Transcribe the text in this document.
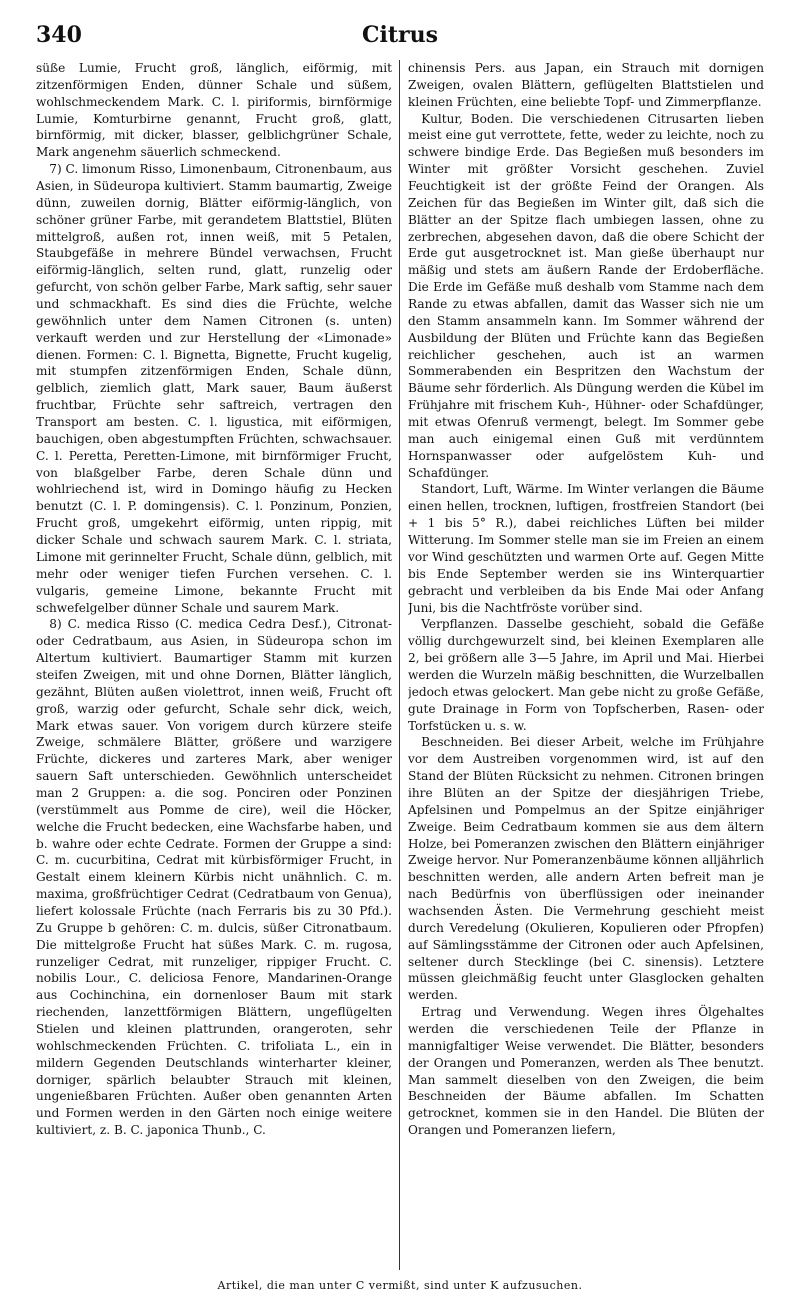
340	Citrus

süße Lumie, Frucht groß, länglich, eiförmig, mit zitzenförmigen Enden, dünner Schale und süßem, wohlschmeckendem Mark. C. l. piriformis, birnförmige Lumie, Komturbirne genannt, Frucht groß, glatt, birnförmig, mit dicker, blasser, gelblichgrüner Schale, Mark angenehm säuerlich schmeckend.

7) C. limonum Risso, Limonenbaum, Citronenbaum, aus Asien, in Südeuropa kultiviert. Stamm baumartig, Zweige dünn, zuweilen dornig, Blätter eiförmig-länglich, von schöner grüner Farbe, mit gerandetem Blattstiel, Blüten mittelgroß, außen rot, innen weiß, mit 5 Petalen, Staubgefäße in mehrere Bündel verwachsen, Frucht eiförmig-länglich, selten rund, glatt, runzelig oder gefurcht, von schön gelber Farbe, Mark saftig, sehr sauer und schmackhaft. Es sind dies die Früchte, welche gewöhnlich unter dem Namen Citronen (s. unten) verkauft werden und zur Herstellung der «Limonade» dienen. Formen: C. l. Bignetta, Bignette, Frucht kugelig, mit stumpfen zitzenförmigen Enden, Schale dünn, gelblich, ziemlich glatt, Mark sauer, Baum äußerst fruchtbar, Früchte sehr saftreich, vertragen den Transport am besten. C. l. ligustica, mit eiförmigen, bauchigen, oben abgestumpften Früchten, schwachsauer. C. l. Peretta, Peretten-Limone, mit birnförmiger Frucht, von blaßgelber Farbe, deren Schale dünn und wohlriechend ist, wird in Domingo häufig zu Hecken benutzt (C. l. P. domingensis). C. l. Ponzinum, Ponzien, Frucht groß, umgekehrt eiförmig, unten rippig, mit dicker Schale und schwach saurem Mark. C. l. striata, Limone mit gerinnelter Frucht, Schale dünn, gelblich, mit mehr oder weniger tiefen Furchen versehen. C. l. vulgaris, gemeine Limone, bekannte Frucht mit schwefelgelber dünner Schale und saurem Mark.

8) C. medica Risso (C. medica Cedra Desf.), Citronat- oder Cedratbaum, aus Asien, in Südeuropa schon im Altertum kultiviert. Baumartiger Stamm mit kurzen steifen Zweigen, mit und ohne Dornen, Blätter länglich, gezähnt, Blüten außen violettrot, innen weiß, Frucht oft groß, warzig oder gefurcht, Schale sehr dick, weich, Mark etwas sauer. Von vorigem durch kürzere steife Zweige, schmälere Blätter, größere und warzigere Früchte, dickeres und zarteres Mark, aber weniger sauern Saft unterschieden. Gewöhnlich unterscheidet man 2 Gruppen: a. die sog. Ponciren oder Ponzinen (verstümmelt aus Pomme de cire), weil die Höcker, welche die Frucht bedecken, eine Wachsfarbe haben, und b. wahre oder echte Cedrate. Formen der Gruppe a sind: C. m. cucurbitina, Cedrat mit kürbisförmiger Frucht, in Gestalt einem kleinern Kürbis nicht unähnlich. C. m. maxima, großfrüchtiger Cedrat (Cedratbaum von Genua), liefert kolossale Früchte (nach Ferraris bis zu 30 Pfd.). Zu Gruppe b gehören: C. m. dulcis, süßer Citronatbaum. Die mittelgroße Frucht hat süßes Mark. C. m. rugosa, runzeliger Cedrat, mit runzeliger, rippiger Frucht. C. nobilis Lour., C. deliciosa Fenore, Mandarinen-Orange aus Cochinchina, ein dornenloser Baum mit stark riechenden, lanzettförmigen Blättern, ungeflügelten Stielen und kleinen plattrunden, orangeroten, sehr wohlschmeckenden Früchten. C. trifoliata L., ein in mildern Gegenden Deutschlands winterharter kleiner, dorniger, spärlich belaubter Strauch mit kleinen, ungenießbaren Früchten. Außer oben genannten Arten und Formen werden in den Gärten noch einige weitere kultiviert, z. B. C. japonica Thunb., C.

chinensis Pers. aus Japan, ein Strauch mit dornigen Zweigen, ovalen Blättern, geflügelten Blattstielen und kleinen Früchten, eine beliebte Topf- und Zimmerpflanze.

Kultur, Boden. Die verschiedenen Citrusarten lieben meist eine gut verrottete, fette, weder zu leichte, noch zu schwere bindige Erde. Das Begießen muß besonders im Winter mit größter Vorsicht geschehen. Zuviel Feuchtigkeit ist der größte Feind der Orangen. Als Zeichen für das Begießen im Winter gilt, daß sich die Blätter an der Spitze flach umbiegen lassen, ohne zu zerbrechen, abgesehen davon, daß die obere Schicht der Erde gut ausgetrocknet ist. Man gieße überhaupt nur mäßig und stets am äußern Rande der Erdoberfläche. Die Erde im Gefäße muß deshalb vom Stamme nach dem Rande zu etwas abfallen, damit das Wasser sich nie um den Stamm ansammeln kann. Im Sommer während der Ausbildung der Blüten und Früchte kann das Begießen reichlicher geschehen, auch ist an warmen Sommerabenden ein Bespritzen den Wachstum der Bäume sehr förderlich. Als Düngung werden die Kübel im Frühjahre mit frischem Kuh-, Hühner- oder Schafdünger, mit etwas Ofenruß vermengt, belegt. Im Sommer gebe man auch einigemal einen Guß mit verdünntem Hornspanwasser oder aufgelöstem Kuh- und Schafdünger.

Standort, Luft, Wärme. Im Winter verlangen die Bäume einen hellen, trocknen, luftigen, frostfreien Standort (bei + 1 bis 5° R.), dabei reichliches Lüften bei milder Witterung. Im Sommer stelle man sie im Freien an einem vor Wind geschützten und warmen Orte auf. Gegen Mitte bis Ende September werden sie ins Winterquartier gebracht und verbleiben da bis Ende Mai oder Anfang Juni, bis die Nachtfröste vorüber sind.

Verpflanzen. Dasselbe geschieht, sobald die Gefäße völlig durchgewurzelt sind, bei kleinen Exemplaren alle 2, bei größern alle 3—5 Jahre, im April und Mai. Hierbei werden die Wurzeln mäßig beschnitten, die Wurzelballen jedoch etwas gelockert. Man gebe nicht zu große Gefäße, gute Drainage in Form von Topfscherben, Rasen- oder Torfstücken u. s. w.

Beschneiden. Bei dieser Arbeit, welche im Frühjahre vor dem Austreiben vorgenommen wird, ist auf den Stand der Blüten Rücksicht zu nehmen. Citronen bringen ihre Blüten an der Spitze der diesjährigen Triebe, Apfelsinen und Pompelmus an der Spitze einjähriger Zweige. Beim Cedratbaum kommen sie aus dem ältern Holze, bei Pomeranzen zwischen den Blättern einjähriger Zweige hervor. Nur Pomeranzenbäume können alljährlich beschnitten werden, alle andern Arten befreit man je nach Bedürfnis von überflüssigen oder ineinander wachsenden Ästen. Die Vermehrung geschieht meist durch Veredelung (Okulieren, Kopulieren oder Pfropfen) auf Sämlingsstämme der Citronen oder auch Apfelsinen, seltener durch Stecklinge (bei C. sinensis). Letztere müssen gleichmäßig feucht unter Glasglocken gehalten werden.

Ertrag und Verwendung. Wegen ihres Ölgehaltes werden die verschiedenen Teile der Pflanze in mannigfaltiger Weise verwendet. Die Blätter, besonders der Orangen und Pomeranzen, werden als Thee benutzt. Man sammelt dieselben von den Zweigen, die beim Beschneiden der Bäume abfallen. Im Schatten getrocknet, kommen sie in den Handel. Die Blüten der Orangen und Pomeranzen liefern,

Artikel, die man unter C vermißt, sind unter K aufzusuchen.
